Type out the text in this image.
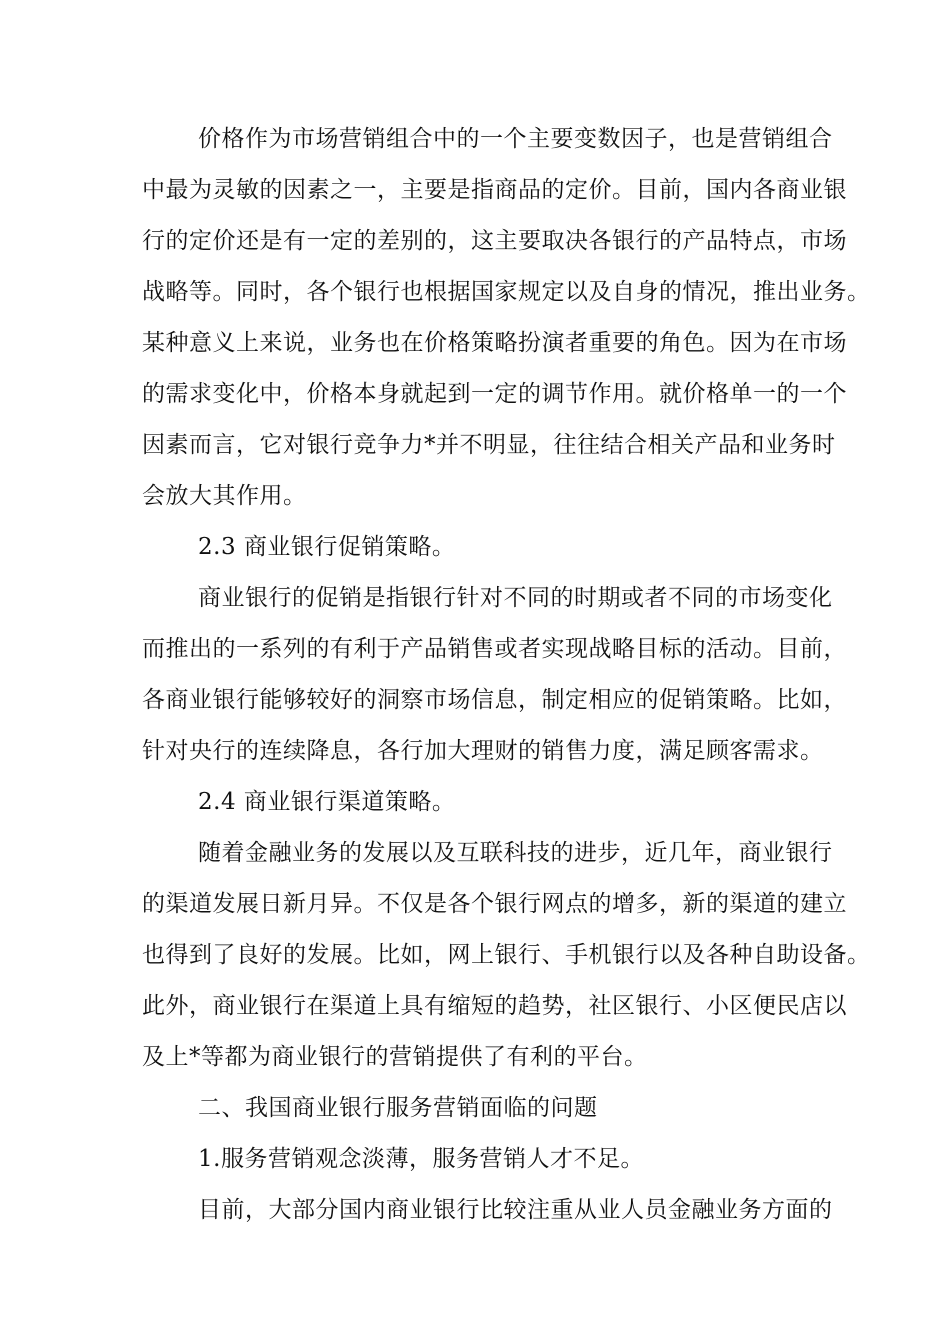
价格作为市场营销组合中的一个主要变数因子，也是营销组合
中最为灵敏的因素之一，主要是指商品的定价。目前，国内各商业银
行的定价还是有一定的差别的，这主要取决各银行的产品特点，市场
战略等。同时，各个银行也根据国家规定以及自身的情况，推出业务。
某种意义上来说，业务也在价格策略扮演者重要的角色。因为在市场
的需求变化中，价格本身就起到一定的调节作用。就价格单一的一个
因素而言，它对银行竞争力*并不明显，往往结合相关产品和业务时
会放大其作用。
2.3 商业银行促销策略。
商业银行的促销是指银行针对不同的时期或者不同的市场变化
而推出的一系列的有利于产品销售或者实现战略目标的活动。目前，
各商业银行能够较好的洞察市场信息，制定相应的促销策略。比如，
针对央行的连续降息，各行加大理财的销售力度，满足顾客需求。
2.4 商业银行渠道策略。
随着金融业务的发展以及互联科技的进步，近几年，商业银行
的渠道发展日新月异。不仅是各个银行网点的增多，新的渠道的建立
也得到了良好的发展。比如，网上银行、手机银行以及各种自助设备。
此外，商业银行在渠道上具有缩短的趋势，社区银行、小区便民店以
及上*等都为商业银行的营销提供了有利的平台。
二、我国商业银行服务营销面临的问题
1.服务营销观念淡薄，服务营销人才不足。
目前，大部分国内商业银行比较注重从业人员金融业务方面的
